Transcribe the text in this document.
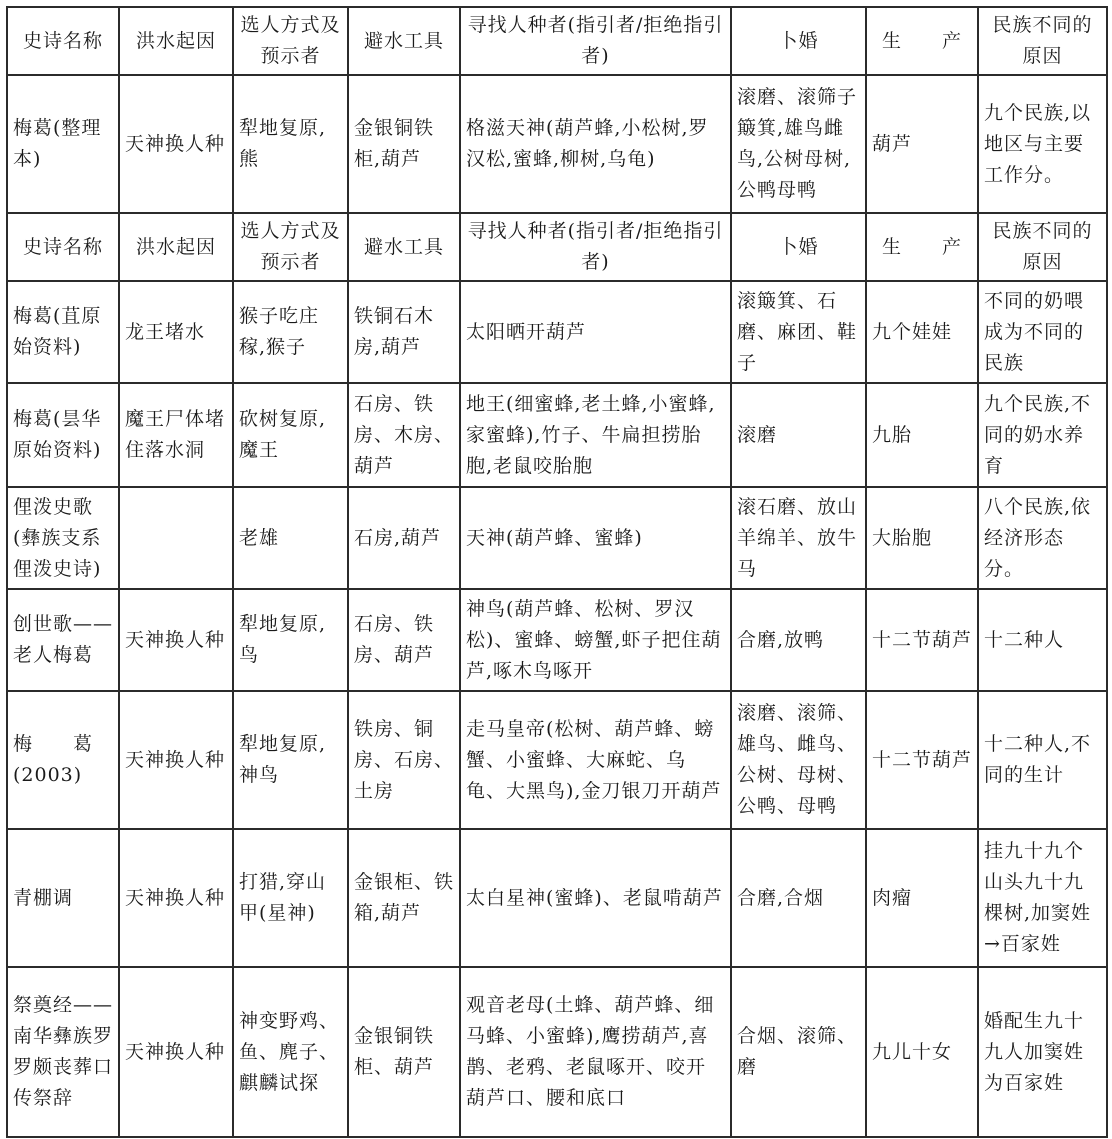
史诗名称	洪水起因	选人方式及预示者	避水工具	寻找人种者(指引者/拒绝指引者)	卜婚	生　　产	民族不同的原因
梅葛(整理本)	天神换人种	犁地复原,熊	金银铜铁柜,葫芦	格滋天神(葫芦蜂,小松树,罗汉松,蜜蜂,柳树,乌龟)	滚磨、滚筛子簸箕,雄鸟雌鸟,公树母树,公鸭母鸭	葫芦	九个民族,以地区与主要工作分。
史诗名称	洪水起因	选人方式及预示者	避水工具	寻找人种者(指引者/拒绝指引者)	卜婚	生　　产	民族不同的原因
梅葛(苴原始资料)	龙王堵水	猴子吃庄稼,猴子	铁铜石木房,葫芦	太阳晒开葫芦	滚簸箕、石磨、麻团、鞋子	九个娃娃	不同的奶喂成为不同的民族
梅葛(昙华原始资料)	魔王尸体堵住落水洞	砍树复原,魔王	石房、铁房、木房、葫芦	地王(细蜜蜂,老土蜂,小蜜蜂,家蜜蜂),竹子、牛扁担捞胎胞,老鼠咬胎胞	滚磨	九胎	九个民族,不同的奶水养育
俚泼史歌(彝族支系俚泼史诗)		老雄	石房,葫芦	天神(葫芦蜂、蜜蜂)	滚石磨、放山羊绵羊、放牛马	大胎胞	八个民族,依经济形态分。
创世歌——老人梅葛	天神换人种	犁地复原,鸟	石房、铁房、葫芦	神鸟(葫芦蜂、松树、罗汉松)、蜜蜂、螃蟹,虾子把住葫芦,啄木鸟啄开	合磨,放鸭	十二节葫芦	十二种人
梅　　葛(2003)	天神换人种	犁地复原,神鸟	铁房、铜房、石房、土房	走马皇帝(松树、葫芦蜂、螃蟹、小蜜蜂、大麻蛇、乌龟、大黑鸟),金刀银刀开葫芦	滚磨、滚筛、雄鸟、雌鸟、公树、母树、公鸭、母鸭	十二节葫芦	十二种人,不同的生计
青棚调	天神换人种	打猎,穿山甲(星神)	金银柜、铁箱,葫芦	太白星神(蜜蜂)、老鼠啃葫芦	合磨,合烟	肉瘤	挂九十九个山头九十九棵树,加窦姓→百家姓
祭奠经——南华彝族罗罗颇丧葬口传祭辞	天神换人种	神变野鸡、鱼、麂子、麒麟试探	金银铜铁柜、葫芦	观音老母(土蜂、葫芦蜂、细马蜂、小蜜蜂),鹰捞葫芦,喜鹊、老鸦、老鼠啄开、咬开葫芦口、腰和底口	合烟、滚筛、磨	九儿十女	婚配生九十九人加窦姓为百家姓
